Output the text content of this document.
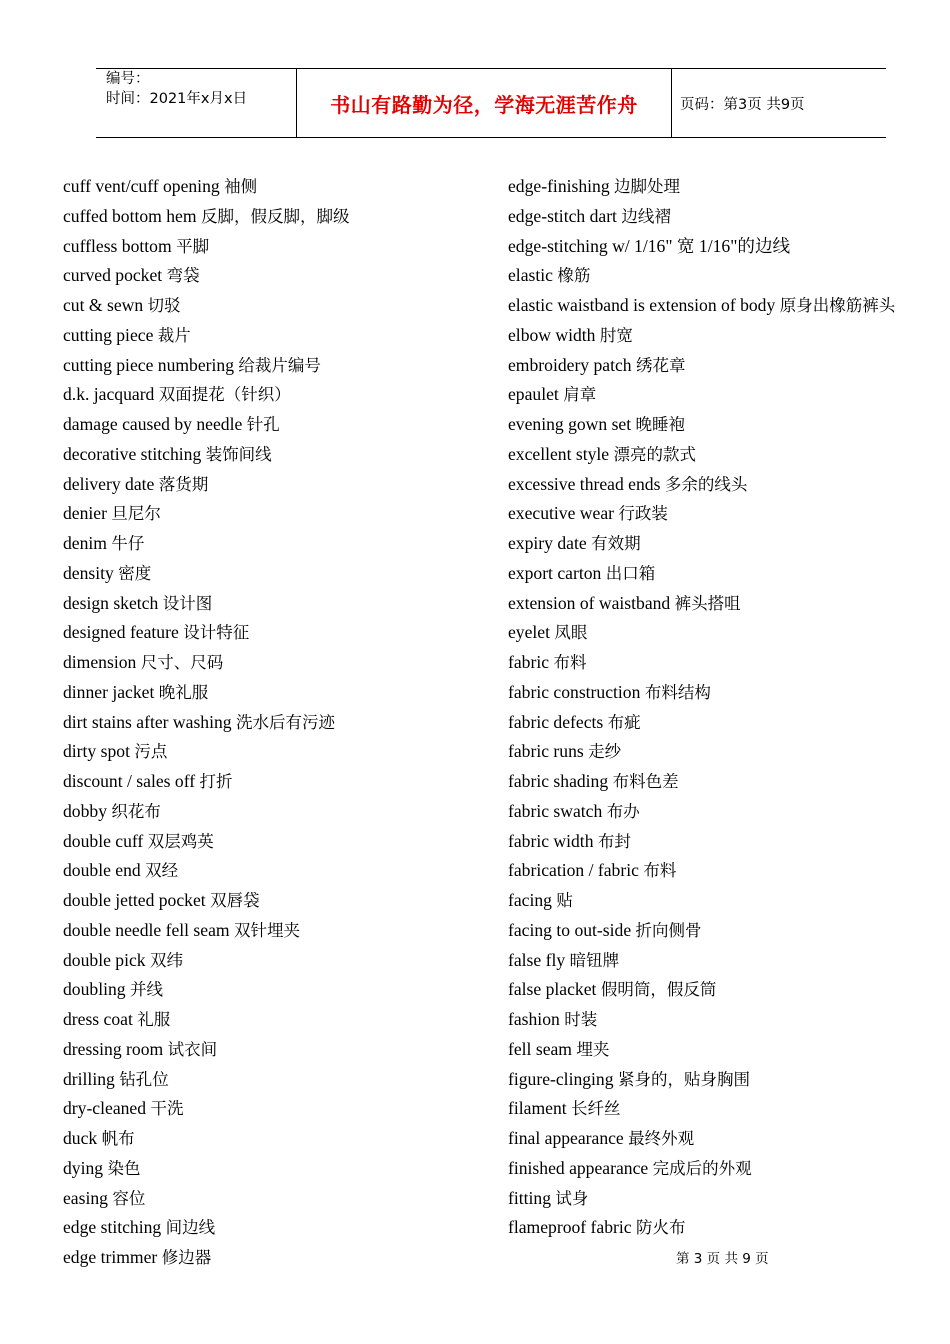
编号：
时间：2021年x月x日	书山有路勤为径，学海无涯苦作舟	页码：第3页 共9页
cuff vent/cuff opening 袖侧
cuffed bottom hem 反脚，假反脚，脚级
cuffless bottom 平脚
curved pocket 弯袋
cut & sewn 切驳
cutting piece 裁片
cutting piece numbering 给裁片编号
d.k. jacquard 双面提花（针织）
damage caused by needle 针孔
decorative stitching 装饰间线
delivery date 落货期
denier 旦尼尔
denim 牛仔
density 密度
design sketch 设计图
designed feature 设计特征
dimension 尺寸、尺码
dinner jacket 晚礼服
dirt stains after washing 洗水后有污迹
dirty spot 污点
discount / sales off 打折
dobby 织花布
double cuff 双层鸡英
double end 双经
double jetted pocket 双唇袋
double needle fell seam 双针埋夹
double pick 双纬
doubling 并线
dress coat 礼服
dressing room 试衣间
drilling 钻孔位
dry-cleaned 干洗
duck 帆布
dying 染色
easing 容位
edge stitching 间边线
edge trimmer 修边器
edge-finishing 边脚处理
edge-stitch dart 边线褶
edge-stitching w/ 1/16" 宽 1/16"的边线
elastic 橡筋
elastic waistband is extension of body 原身出橡筋裤头
elbow width 肘宽
embroidery patch 绣花章
epaulet 肩章
evening gown set 晚睡袍
excellent style 漂亮的款式
excessive thread ends 多余的线头
executive wear 行政装
expiry date 有效期
export carton 出口箱
extension of waistband 裤头搭咀
eyelet 凤眼
fabric 布料
fabric construction 布料结构
fabric defects 布疵
fabric runs 走纱
fabric shading 布料色差
fabric swatch 布办
fabric width 布封
fabrication / fabric 布料
facing 贴
facing to out-side 折向侧骨
false fly 暗钮牌
false placket 假明筒，假反筒
fashion 时装
fell seam 埋夹
figure-clinging 紧身的，贴身胸围
filament 长纤丝
final appearance 最终外观
finished appearance 完成后的外观
fitting 试身
flameproof fabric 防火布
第 3 页 共 9 页
